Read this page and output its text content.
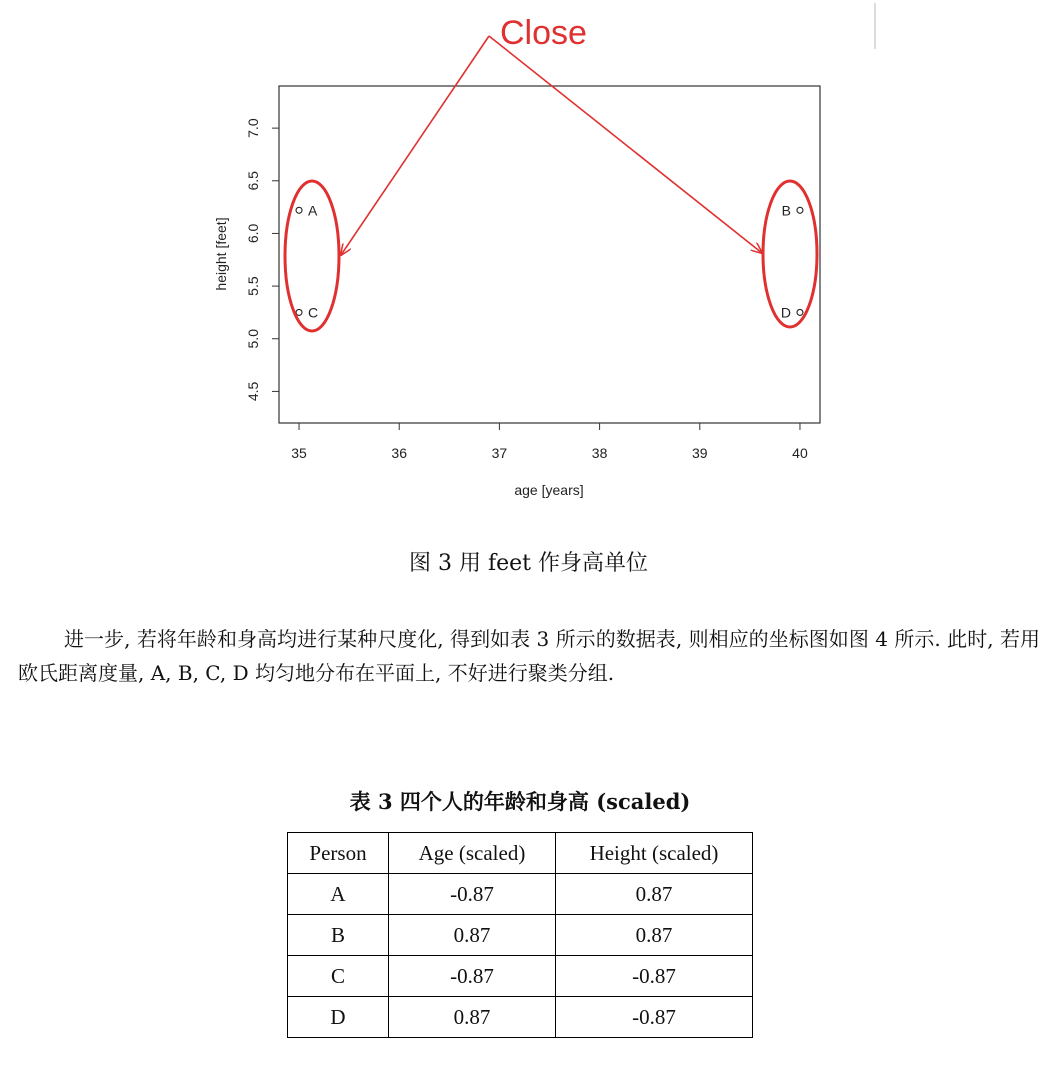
35	36	37	38	39	40
4.5
5.0
5.5
6.0
6.5
7.0
age [years]
height [feet]
A	B
C	D
Close
图 3 用 feet 作身高单位
进一步, 若将年龄和身高均进行某种尺度化, 得到如表 3 所示的数据表, 则相应的坐标图如图 4 所示. 此时, 若用欧氏距离度量, A, B, C, D 均匀地分布在平面上, 不好进行聚类分组.
表 3 四个人的年龄和身高 (scaled)
Person	Age (scaled)	Height (scaled)
A	-0.87	0.87
B	0.87	0.87
C	-0.87	-0.87
D	0.87	-0.87
